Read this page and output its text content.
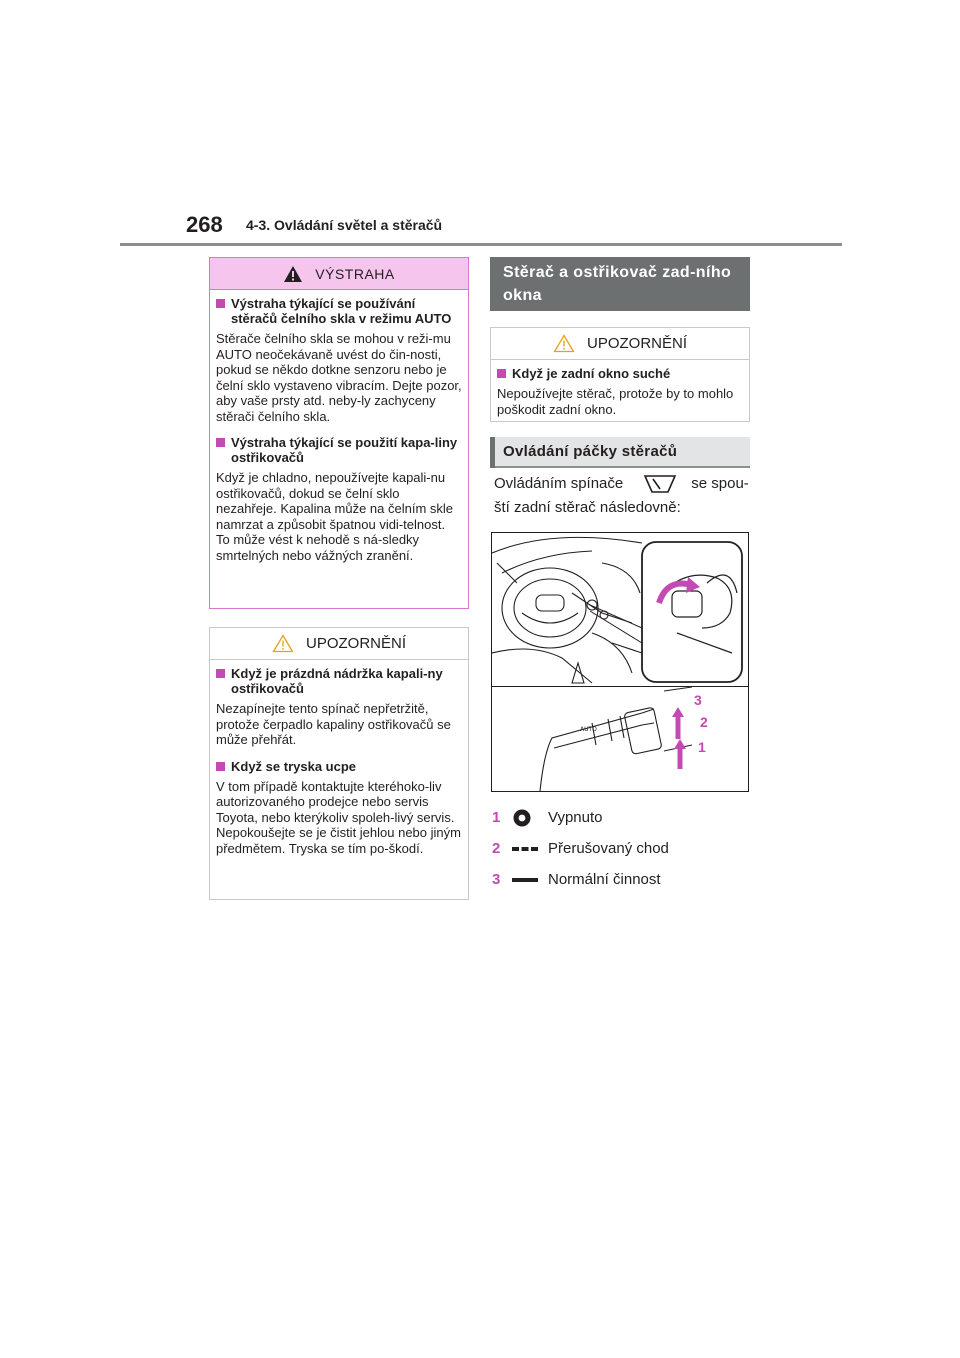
268 4-3. Ovládání světel a stěračů
VÝSTRAHA
Výstraha týkající se používání stěračů čelního skla v režimu AUTO
Stěrače čelního skla se mohou v reži-mu AUTO neočekávaně uvést do čin-nosti, pokud se někdo dotkne senzoru nebo je čelní sklo vystaveno vibracím. Dejte pozor, aby vaše prsty atd. neby-ly zachyceny stěrači čelního skla.
Výstraha týkající se použití kapa-liny ostřikovačů
Když je chladno, nepoužívejte kapali-nu ostřikovačů, dokud se čelní sklo nezahřeje. Kapalina může na čelním skle namrzat a způsobit špatnou vidi-telnost. To může vést k nehodě s ná-sledky smrtelných nebo vážných zranění.
UPOZORNĚNÍ
Když je prázdná nádržka kapali-ny ostřikovačů
Nezapínejte tento spínač nepřetržitě, protože čerpadlo kapaliny ostřikovačů se může přehřát.
Když se tryska ucpe
V tom případě kontaktujte kteréhoko-liv autorizovaného prodejce nebo servis Toyota, nebo kterýkoliv spoleh-livý servis. Nepokoušejte se je čistit jehlou nebo jiným předmětem. Tryska se tím po-škodí.
Stěrač a ostřikovač zad-ního okna
UPOZORNĚNÍ
Když je zadní okno suché
Nepoužívejte stěrač, protože by to mohlo poškodit zadní okno.
Ovládání páčky stěračů
Ovládáním spínače	se spou-
ští zadní stěrač následovně:
AUTO
3
2
1
1	Vypnuto
2	Přerušovaný chod
3	Normální činnost
